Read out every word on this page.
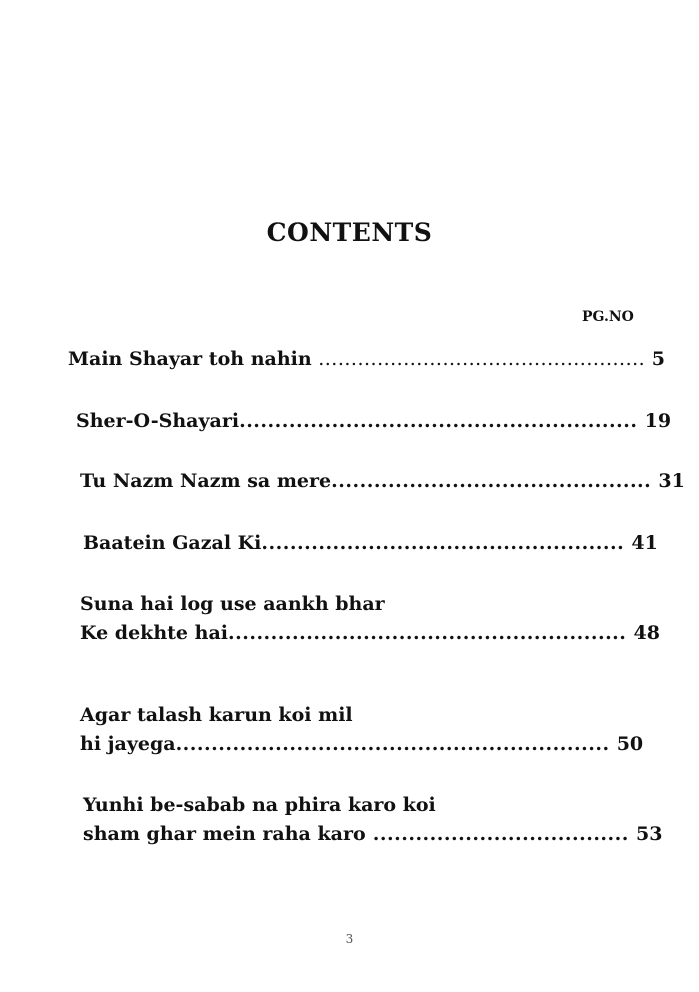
CONTENTS
PG.NO
Main Shayar toh nahin .................................................. 5
Sher-O-Shayari........................................................ 19
Tu Nazm Nazm sa mere............................................. 31
Baatein Gazal Ki................................................... 41
Suna hai log use aankh bhar
Ke dekhte hai........................................................ 48
Agar talash karun koi mil
hi jayega............................................................. 50
Yunhi be-sabab na phira karo koi
sham ghar mein raha karo .................................... 53
3
